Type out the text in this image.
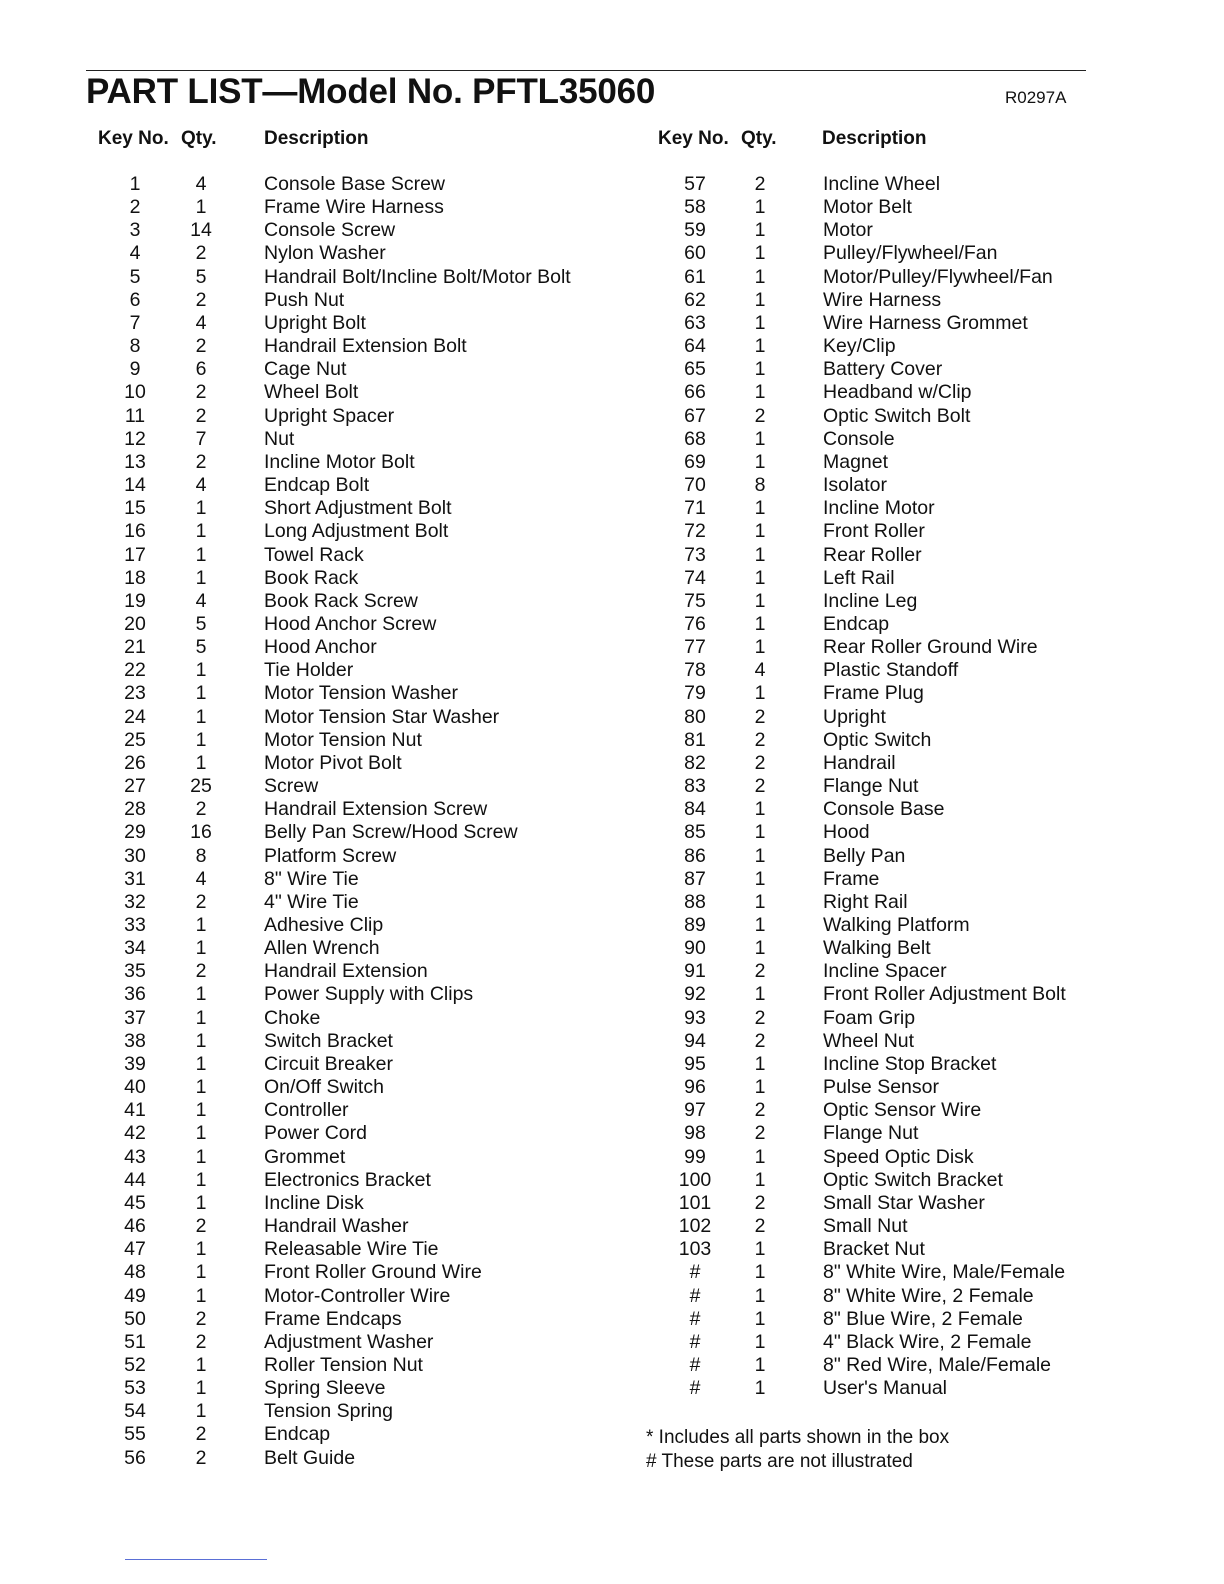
PART LIST—Model No. PFTL35060	R0297A
Key No. Qty. Description	Key No. Qty. Description
1	4	Console Base Screw
2	1	Frame Wire Harness
3	14	Console Screw
4	2	Nylon Washer
5	5	Handrail Bolt/Incline Bolt/Motor Bolt
6	2	Push Nut
7	4	Upright Bolt
8	2	Handrail Extension Bolt
9	6	Cage Nut
10	2	Wheel Bolt
11	2	Upright Spacer
12	7	Nut
13	2	Incline Motor Bolt
14	4	Endcap Bolt
15	1	Short Adjustment Bolt
16	1	Long Adjustment Bolt
17	1	Towel Rack
18	1	Book Rack
19	4	Book Rack Screw
20	5	Hood Anchor Screw
21	5	Hood Anchor
22	1	Tie Holder
23	1	Motor Tension Washer
24	1	Motor Tension Star Washer
25	1	Motor Tension Nut
26	1	Motor Pivot Bolt
27	25	Screw
28	2	Handrail Extension Screw
29	16	Belly Pan Screw/Hood Screw
30	8	Platform Screw
31	4	8" Wire Tie
32	2	4" Wire Tie
33	1	Adhesive Clip
34	1	Allen Wrench
35	2	Handrail Extension
36	1	Power Supply with Clips
37	1	Choke
38	1	Switch Bracket
39	1	Circuit Breaker
40	1	On/Off Switch
41	1	Controller
42	1	Power Cord
43	1	Grommet
44	1	Electronics Bracket
45	1	Incline Disk
46	2	Handrail Washer
47	1	Releasable Wire Tie
48	1	Front Roller Ground Wire
49	1	Motor-Controller Wire
50	2	Frame Endcaps
51	2	Adjustment Washer
52	1	Roller Tension Nut
53	1	Spring Sleeve
54	1	Tension Spring
55	2	Endcap
56	2	Belt Guide
57	2	Incline Wheel
58	1	Motor Belt
59	1	Motor
60	1	Pulley/Flywheel/Fan
61	1	Motor/Pulley/Flywheel/Fan
62	1	Wire Harness
63	1	Wire Harness Grommet
64	1	Key/Clip
65	1	Battery Cover
66	1	Headband w/Clip
67	2	Optic Switch Bolt
68	1	Console
69	1	Magnet
70	8	Isolator
71	1	Incline Motor
72	1	Front Roller
73	1	Rear Roller
74	1	Left Rail
75	1	Incline Leg
76	1	Endcap
77	1	Rear Roller Ground Wire
78	4	Plastic Standoff
79	1	Frame Plug
80	2	Upright
81	2	Optic Switch
82	2	Handrail
83	2	Flange Nut
84	1	Console Base
85	1	Hood
86	1	Belly Pan
87	1	Frame
88	1	Right Rail
89	1	Walking Platform
90	1	Walking Belt
91	2	Incline Spacer
92	1	Front Roller Adjustment Bolt
93	2	Foam Grip
94	2	Wheel Nut
95	1	Incline Stop Bracket
96	1	Pulse Sensor
97	2	Optic Sensor Wire
98	2	Flange Nut
99	1	Speed Optic Disk
100	1	Optic Switch Bracket
101	2	Small Star Washer
102	2	Small Nut
103	1	Bracket Nut
#	1	8" White Wire, Male/Female
#	1	8" White Wire, 2 Female
#	1	8" Blue Wire, 2 Female
#	1	4" Black Wire, 2 Female
#	1	8" Red Wire, Male/Female
#	1	User's Manual
* Includes all parts shown in the box
# These parts are not illustrated
